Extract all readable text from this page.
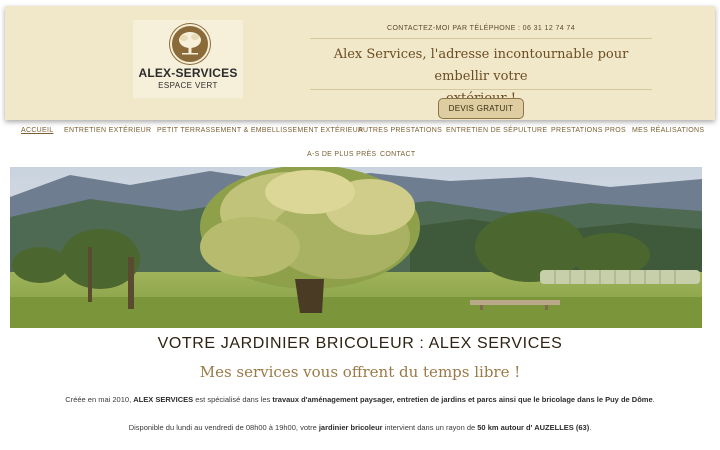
ALEX-SERVICES
ESPACE VERT
CONTACTEZ-MOI PAR TÉLÉPHONE : 06 31 12 74 74
Alex Services, l'adresse incontournable pour embellir votre
DEVIS GRATUIT
ACCUEIL ENTRETIEN EXTÉRIEUR PETIT TERRASSEMENT & EMBELLISSEMENT EXTÉRIEUR
AUTRES PRESTATIONS ENTRETIEN DE SÉPULTURE PRESTATIONS PROS MES RÉALISATIONS
A-S DE PLUS PRÈS CONTACT
VOTRE JARDINIER BRICOLEUR : ALEX SERVICES
Mes services vous offrent du temps libre !
Créée en mai 2010, ALEX SERVICES est spécialisé dans les travaux d'aménagement paysager, entretien de jardins et parcs ainsi que le bricolage dans le Puy de Dôme.
Disponible du lundi au vendredi de 08h00 à 19h00, votre jardinier bricoleur intervient dans un rayon de 50 km autour d' AUZELLES (63).
